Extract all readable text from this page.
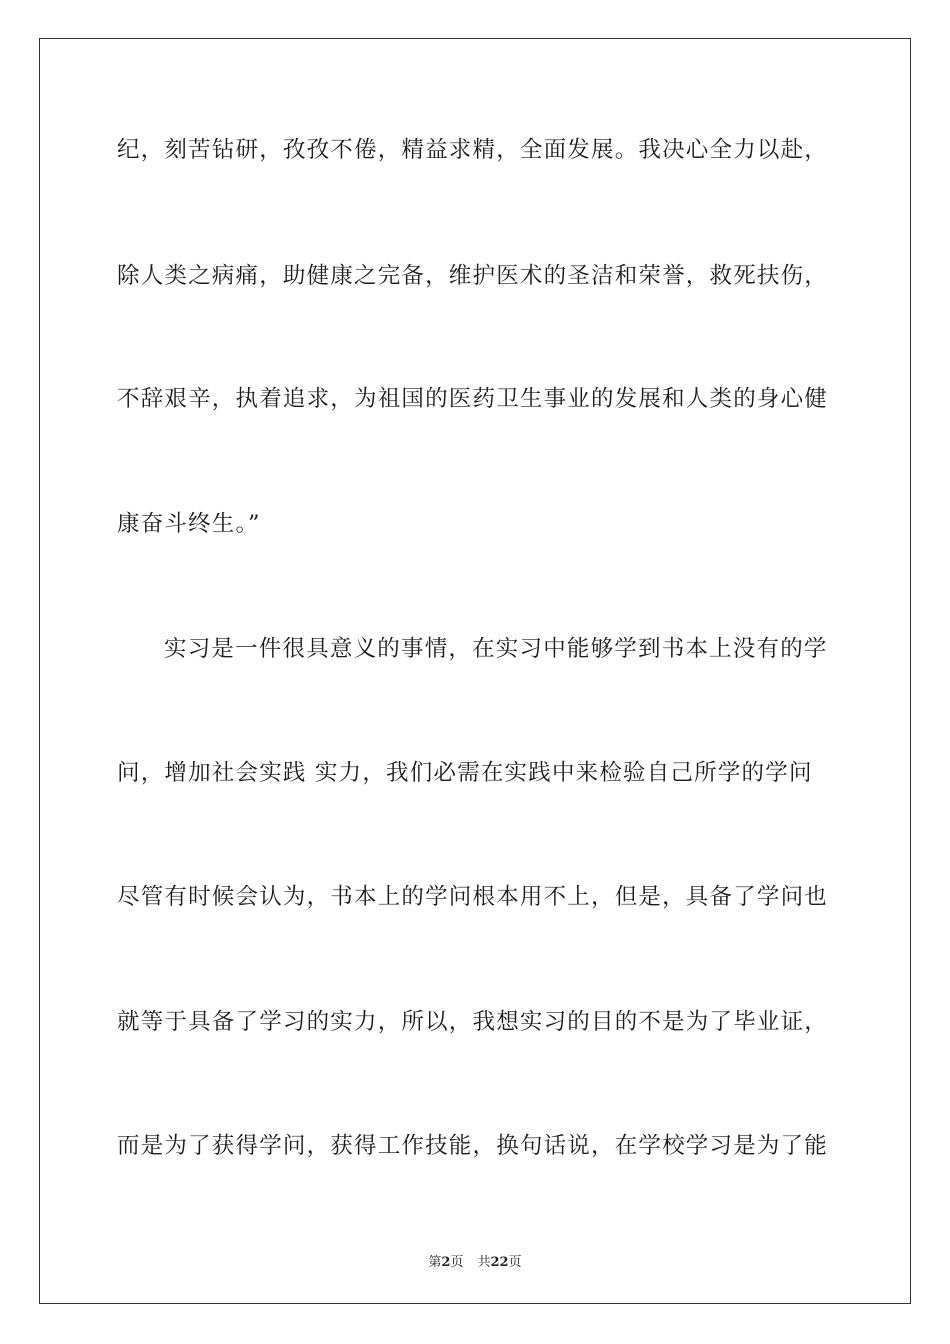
纪，刻苦钻研，孜孜不倦，精益求精，全面发展。我决心全力以赴，
除人类之病痛，助健康之完备，维护医术的圣洁和荣誉，救死扶伤，
不辞艰辛，执着追求，为祖国的医药卫生事业的发展和人类的身心健
康奋斗终生。”
实习是一件很具意义的事情，在实习中能够学到书本上没有的学
问，增加社会实践 实力，我们必需在实践中来检验自己所学的学问
尽管有时候会认为，书本上的学问根本用不上，但是，具备了学问也
就等于具备了学习的实力，所以，我想实习的目的不是为了毕业证，
而是为了获得学问，获得工作技能，换句话说，在学校学习是为了能
第2页 共22页
